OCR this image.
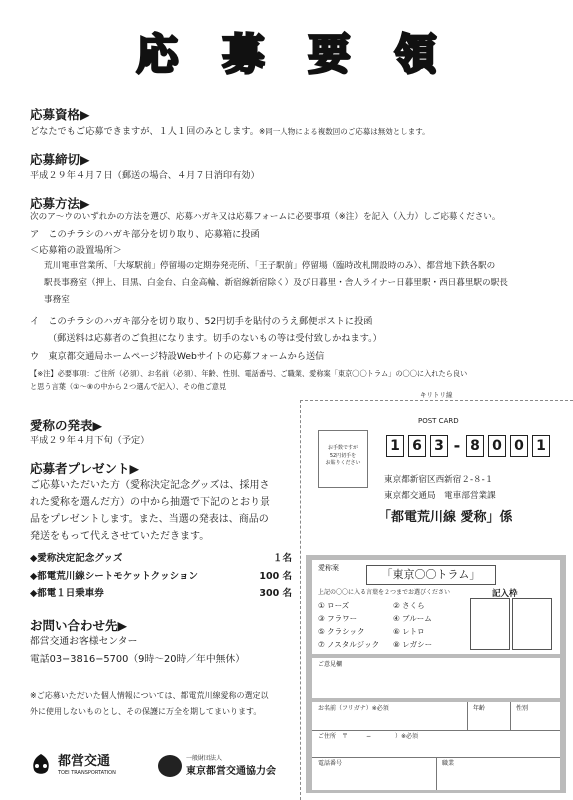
応 募 要 領
応募資格▶
どなたでもご応募できますが、１人１回のみとします。※同一人物による複数回のご応募は無効とします。
応募締切▶
平成２９年４月７日（郵送の場合、４月７日消印有効）
応募方法▶
次のア〜ウのいずれかの方法を選び、応募ハガキ又は応募フォームに必要事項（※注）を記入（入力）しご応募ください。
ア　このチラシのハガキ部分を切り取り、応募箱に投函
＜応募箱の設置場所＞
荒川電車営業所、「大塚駅前」停留場の定期券発売所、「王子駅前」停留場（臨時改札開設時のみ）、都営地下鉄各駅の
駅長事務室（押上、目黒、白金台、白金高輪、新宿線新宿除く）及び日暮里・舎人ライナー日暮里駅・西日暮里駅の駅長
事務室
イ　このチラシのハガキ部分を切り取り、52円切手を貼付のうえ郵便ポストに投函
（郵送料は応募者のご負担になります。切手のないもの等は受付致しかねます。）
ウ　東京都交通局ホームページ特設Webサイトの応募フォームから送信
【※注】必要事項：ご住所（必須）、お名前（必須）、年齢、性別、電話番号、ご職業、愛称案「東京〇〇トラム」の〇〇に入れたら良い
と思う言葉（①〜⑧の中から２つ選んで記入）、その他ご意見
キリトリ線
愛称の発表▶
平成２９年４月下旬（予定）
応募者プレゼント▶
ご応募いただいた方（愛称決定記念グッズは、採用さ
れた愛称を選んだ方）の中から抽選で下記のとおり景
品をプレゼントします。また、当選の発表は、商品の
発送をもって代えさせていただきます。
◆愛称決定記念グッズ	１名
◆都電荒川線シートモケットクッション	100 名
◆都電１日乗車券	300 名
お問い合わせ先▶
都営交通お客様センター
電話03−3816−5700（9時〜20時／年中無休）
※ご応募いただいた個人情報については、都電荒川線愛称の選定以
外に使用しないものとし、その保護に万全を期してまいります。
都営交通
TOEI TRANSPORTATION
一般財団法人
東京都営交通協力会
POST CARD
お手数ですが
52円切手を
お貼りください
1 6 3 - 8 0 0 1
東京都新宿区西新宿２-８-１
東京都交通局　電車部営業課
「都電荒川線 愛称」係
愛称案	「東京〇〇トラム」
上記の〇〇に入る言葉を２つまでお選びください	記入枠
① ローズ	② さくら
③ フラワー	④ ブルーム
⑤ クラシック	⑥ レトロ
⑦ ノスタルジック	⑧ レガシー
ご意見欄
お名前（フリガナ）※必須	年齢	性別
ご住所　〒　　　−　　　　）※必須
電話番号	職業
